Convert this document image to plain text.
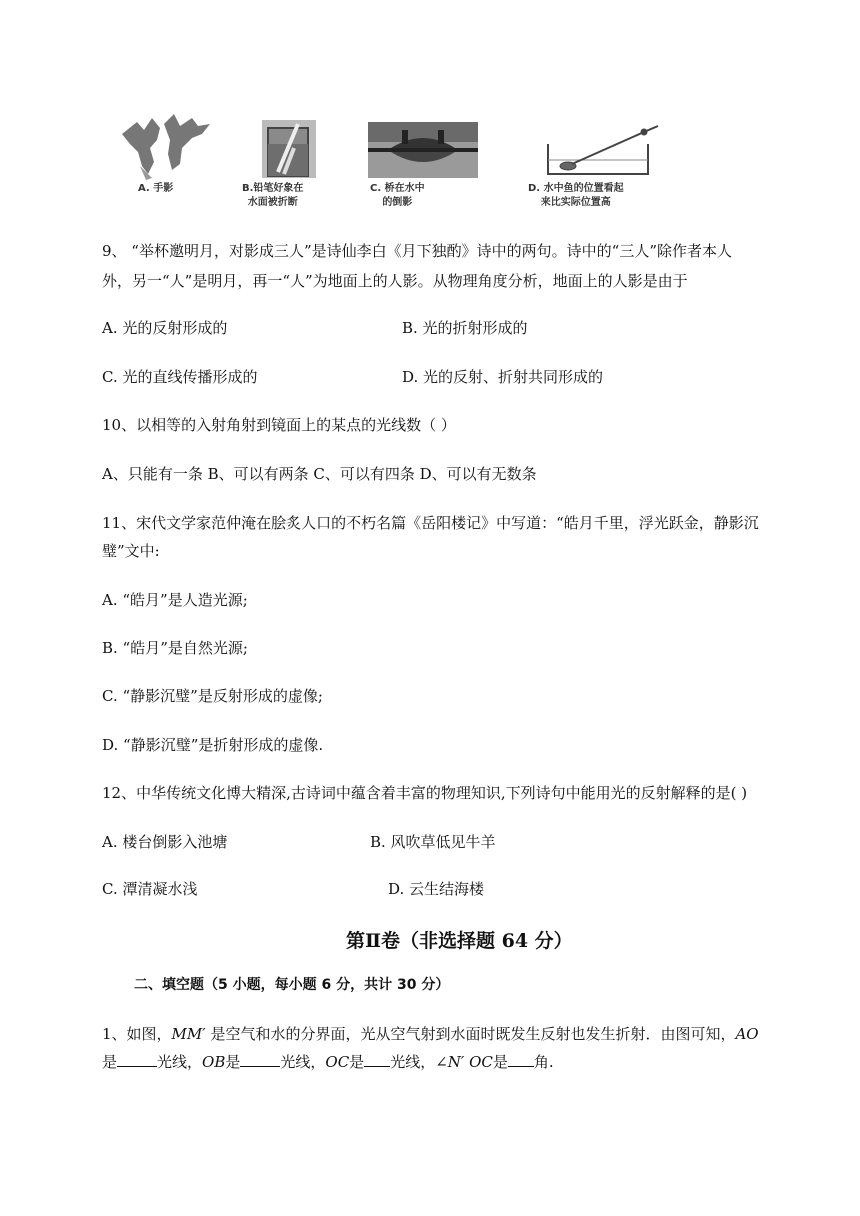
A. 手影	B.铅笔好象在
水面被折断
C. 桥在水中
的倒影
D. 水中鱼的位置看起
来比实际位置高
9、 “举杯邀明月，对影成三人”是诗仙李白《月下独酌》诗中的两句。诗中的“三人”除作者本人
外，另一“人”是明月，再一“人”为地面上的人影。从物理角度分析，地面上的人影是由于
A. 光的反射形成的	B. 光的折射形成的
C. 光的直线传播形成的	D. 光的反射、折射共同形成的
10、以相等的入射角射到镜面上的某点的光线数（ ）
A、只能有一条 B、可以有两条 C、可以有四条 D、可以有无数条
11、宋代文学家范仲淹在脍炙人口的不朽名篇《岳阳楼记》中写道：“皓月千里，浮光跃金，静影沉
璧”文中:
A. “皓月”是人造光源;
B. “皓月”是自然光源;
C. “静影沉璧”是反射形成的虚像;
D. “静影沉璧”是折射形成的虚像.
12、中华传统文化博大精深,古诗词中蕴含着丰富的物理知识,下列诗句中能用光的反射解释的是( )
A. 楼台倒影入池塘	B. 风吹草低见牛羊
C. 潭清凝水浅	D. 云生结海楼
第Ⅱ卷（非选择题 64 分）
二、填空题（5 小题，每小题 6 分，共计 30 分）
1、如图，MM′ 是空气和水的分界面，光从空气射到水面时既发生反射也发生折射．由图可知，AO
是	光线，OB是	光线，OC是 光线，∠N′ OC是 角.
